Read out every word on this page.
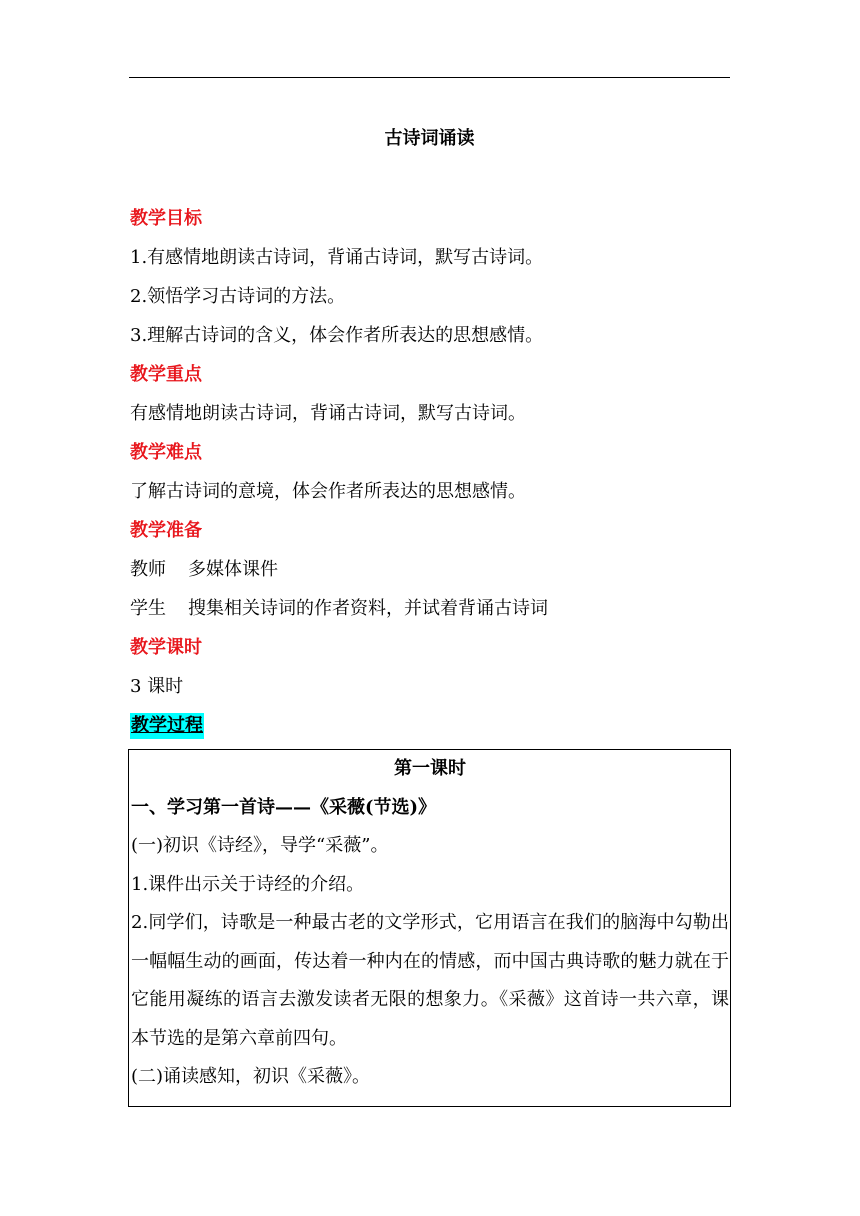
古诗词诵读
教学目标
1.有感情地朗读古诗词，背诵古诗词，默写古诗词。
2.领悟学习古诗词的方法。
3.理解古诗词的含义，体会作者所表达的思想感情。
教学重点
有感情地朗读古诗词，背诵古诗词，默写古诗词。
教学难点
了解古诗词的意境，体会作者所表达的思想感情。
教学准备
教师 多媒体课件
学生 搜集相关诗词的作者资料，并试着背诵古诗词
教学课时
3 课时
教学过程
第一课时
一、学习第一首诗——《采薇(节选)》
(一)初识《诗经》，导学“采薇”。
1.课件出示关于诗经的介绍。
2.同学们，诗歌是一种最古老的文学形式，它用语言在我们的脑海中勾勒出一幅幅生动的画面，传达着一种内在的情感，而中国古典诗歌的魅力就在于它能用凝练的语言去激发读者无限的想象力。《采薇》这首诗一共六章，课本节选的是第六章前四句。
(二)诵读感知，初识《采薇》。
